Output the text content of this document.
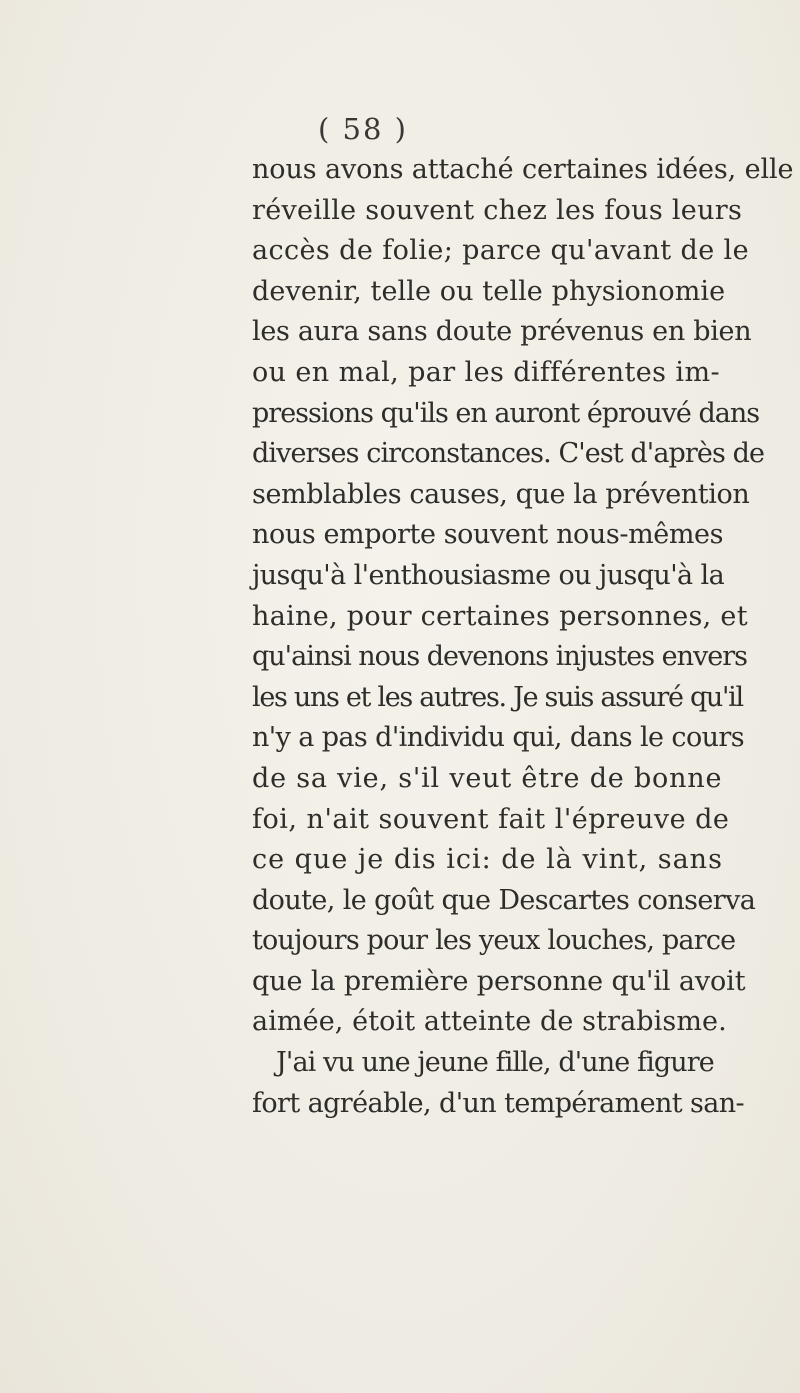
( 58 )
nous avons attaché certaines idées, elle
réveille souvent chez les fous leurs
accès de folie; parce qu'avant de le
devenir, telle ou telle physionomie
les aura sans doute prévenus en bien
ou en mal, par les différentes im-
pressions qu'ils en auront éprouvé dans
diverses circonstances. C'est d'après de
semblables causes, que la prévention
nous emporte souvent nous-mêmes
jusqu'à l'enthousiasme ou jusqu'à la
haine, pour certaines personnes, et
qu'ainsi nous devenons injustes envers
les uns et les autres. Je suis assuré qu'il
n'y a pas d'individu qui, dans le cours
de sa vie, s'il veut être de bonne
foi, n'ait souvent fait l'épreuve de
ce que je dis ici: de là vint, sans
doute, le goût que Descartes conserva
toujours pour les yeux louches, parce
que la première personne qu'il avoit
aimée, étoit atteinte de strabisme.
J'ai vu une jeune fille, d'une figure
fort agréable, d'un tempérament san-
